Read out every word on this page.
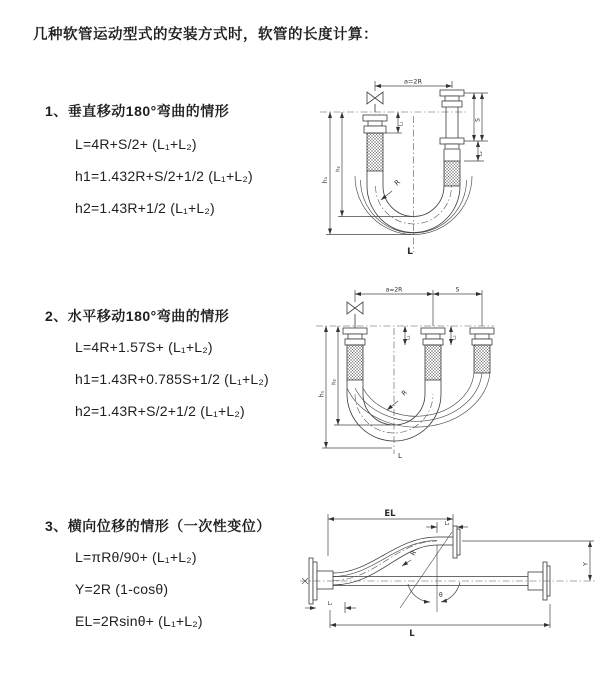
几种软管运动型式的安装方式时，软管的长度计算：
1、垂直移动180°弯曲的情形
L=4R+S/2+ (L₁+L₂)
h1=1.432R+S/2+1/2 (L₁+L₂)
h2=1.43R+1/2 (L₁+L₂)
2、水平移动180°弯曲的情形
L=4R+1.57S+ (L₁+L₂)
h1=1.43R+0.785S+1/2 (L₁+L₂)
h2=1.43R+S/2+1/2 (L₁+L₂)
3、横向位移的情形（一次性变位）
L=πRθ/90+ (L₁+L₂)
Y=2R (1-cosθ)
EL=2Rsinθ+ (L₁+L₂)
a=2R
h₁
h₂
L₁
S
L₂
R
L
a=2R	S
h₁
h₂
L₁	L₂
R
L
EL
L₂
Y
θ
R
L₁
L
